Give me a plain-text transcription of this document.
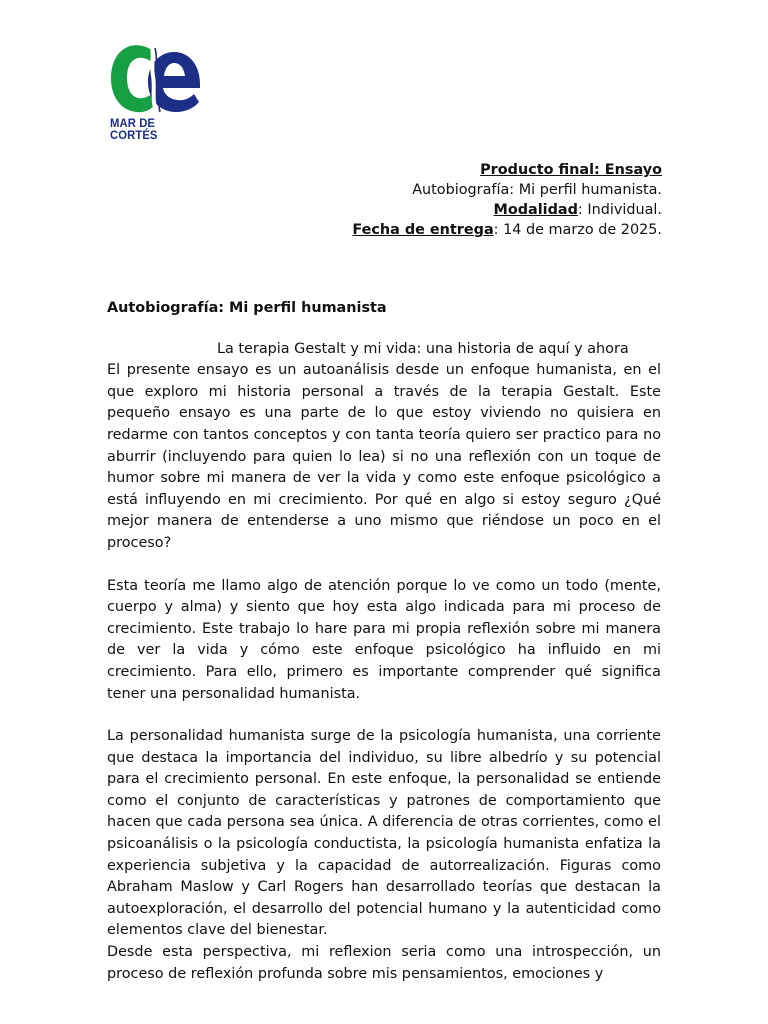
MAR DE CORTÉS
Producto final: Ensayo
Autobiografía: Mi perfil humanista.
Modalidad: Individual.
Fecha de entrega: 14 de marzo de 2025.

Autobiografía: Mi perfil humanista

La terapia Gestalt y mi vida: una historia de aquí y ahora

El presente ensayo es un autoanálisis desde un enfoque humanista, en el que exploro mi historia personal a través de la terapia Gestalt. Este pequeño ensayo es una parte de lo que estoy viviendo no quisiera en redarme con tantos conceptos y con tanta teoría quiero ser practico para no aburrir (incluyendo para quien lo lea) si no una reflexión con un toque de humor sobre mi manera de ver la vida y como este enfoque psicológico a está influyendo en mi crecimiento. Por qué en algo si estoy seguro ¿Qué mejor manera de entenderse a uno mismo que riéndose un poco en el proceso?

Esta teoría me llamo algo de atención porque lo ve como un todo (mente, cuerpo y alma) y siento que hoy esta algo indicada para mi proceso de crecimiento. Este trabajo lo hare para mi propia reflexión sobre mi manera de ver la vida y cómo este enfoque psicológico ha influido en mi crecimiento. Para ello, primero es importante comprender qué significa tener una personalidad humanista.

La personalidad humanista surge de la psicología humanista, una corriente que destaca la importancia del individuo, su libre albedrío y su potencial para el crecimiento personal. En este enfoque, la personalidad se entiende como el conjunto de características y patrones de comportamiento que hacen que cada persona sea única. A diferencia de otras corrientes, como el psicoanálisis o la psicología conductista, la psicología humanista enfatiza la experiencia subjetiva y la capacidad de autorrealización. Figuras como Abraham Maslow y Carl Rogers han desarrollado teorías que destacan la autoexploración, el desarrollo del potencial humano y la autenticidad como elementos clave del bienestar.

Desde esta perspectiva, mi reflexion seria como una introspección, un proceso de reflexión profunda sobre mis pensamientos, emociones y
